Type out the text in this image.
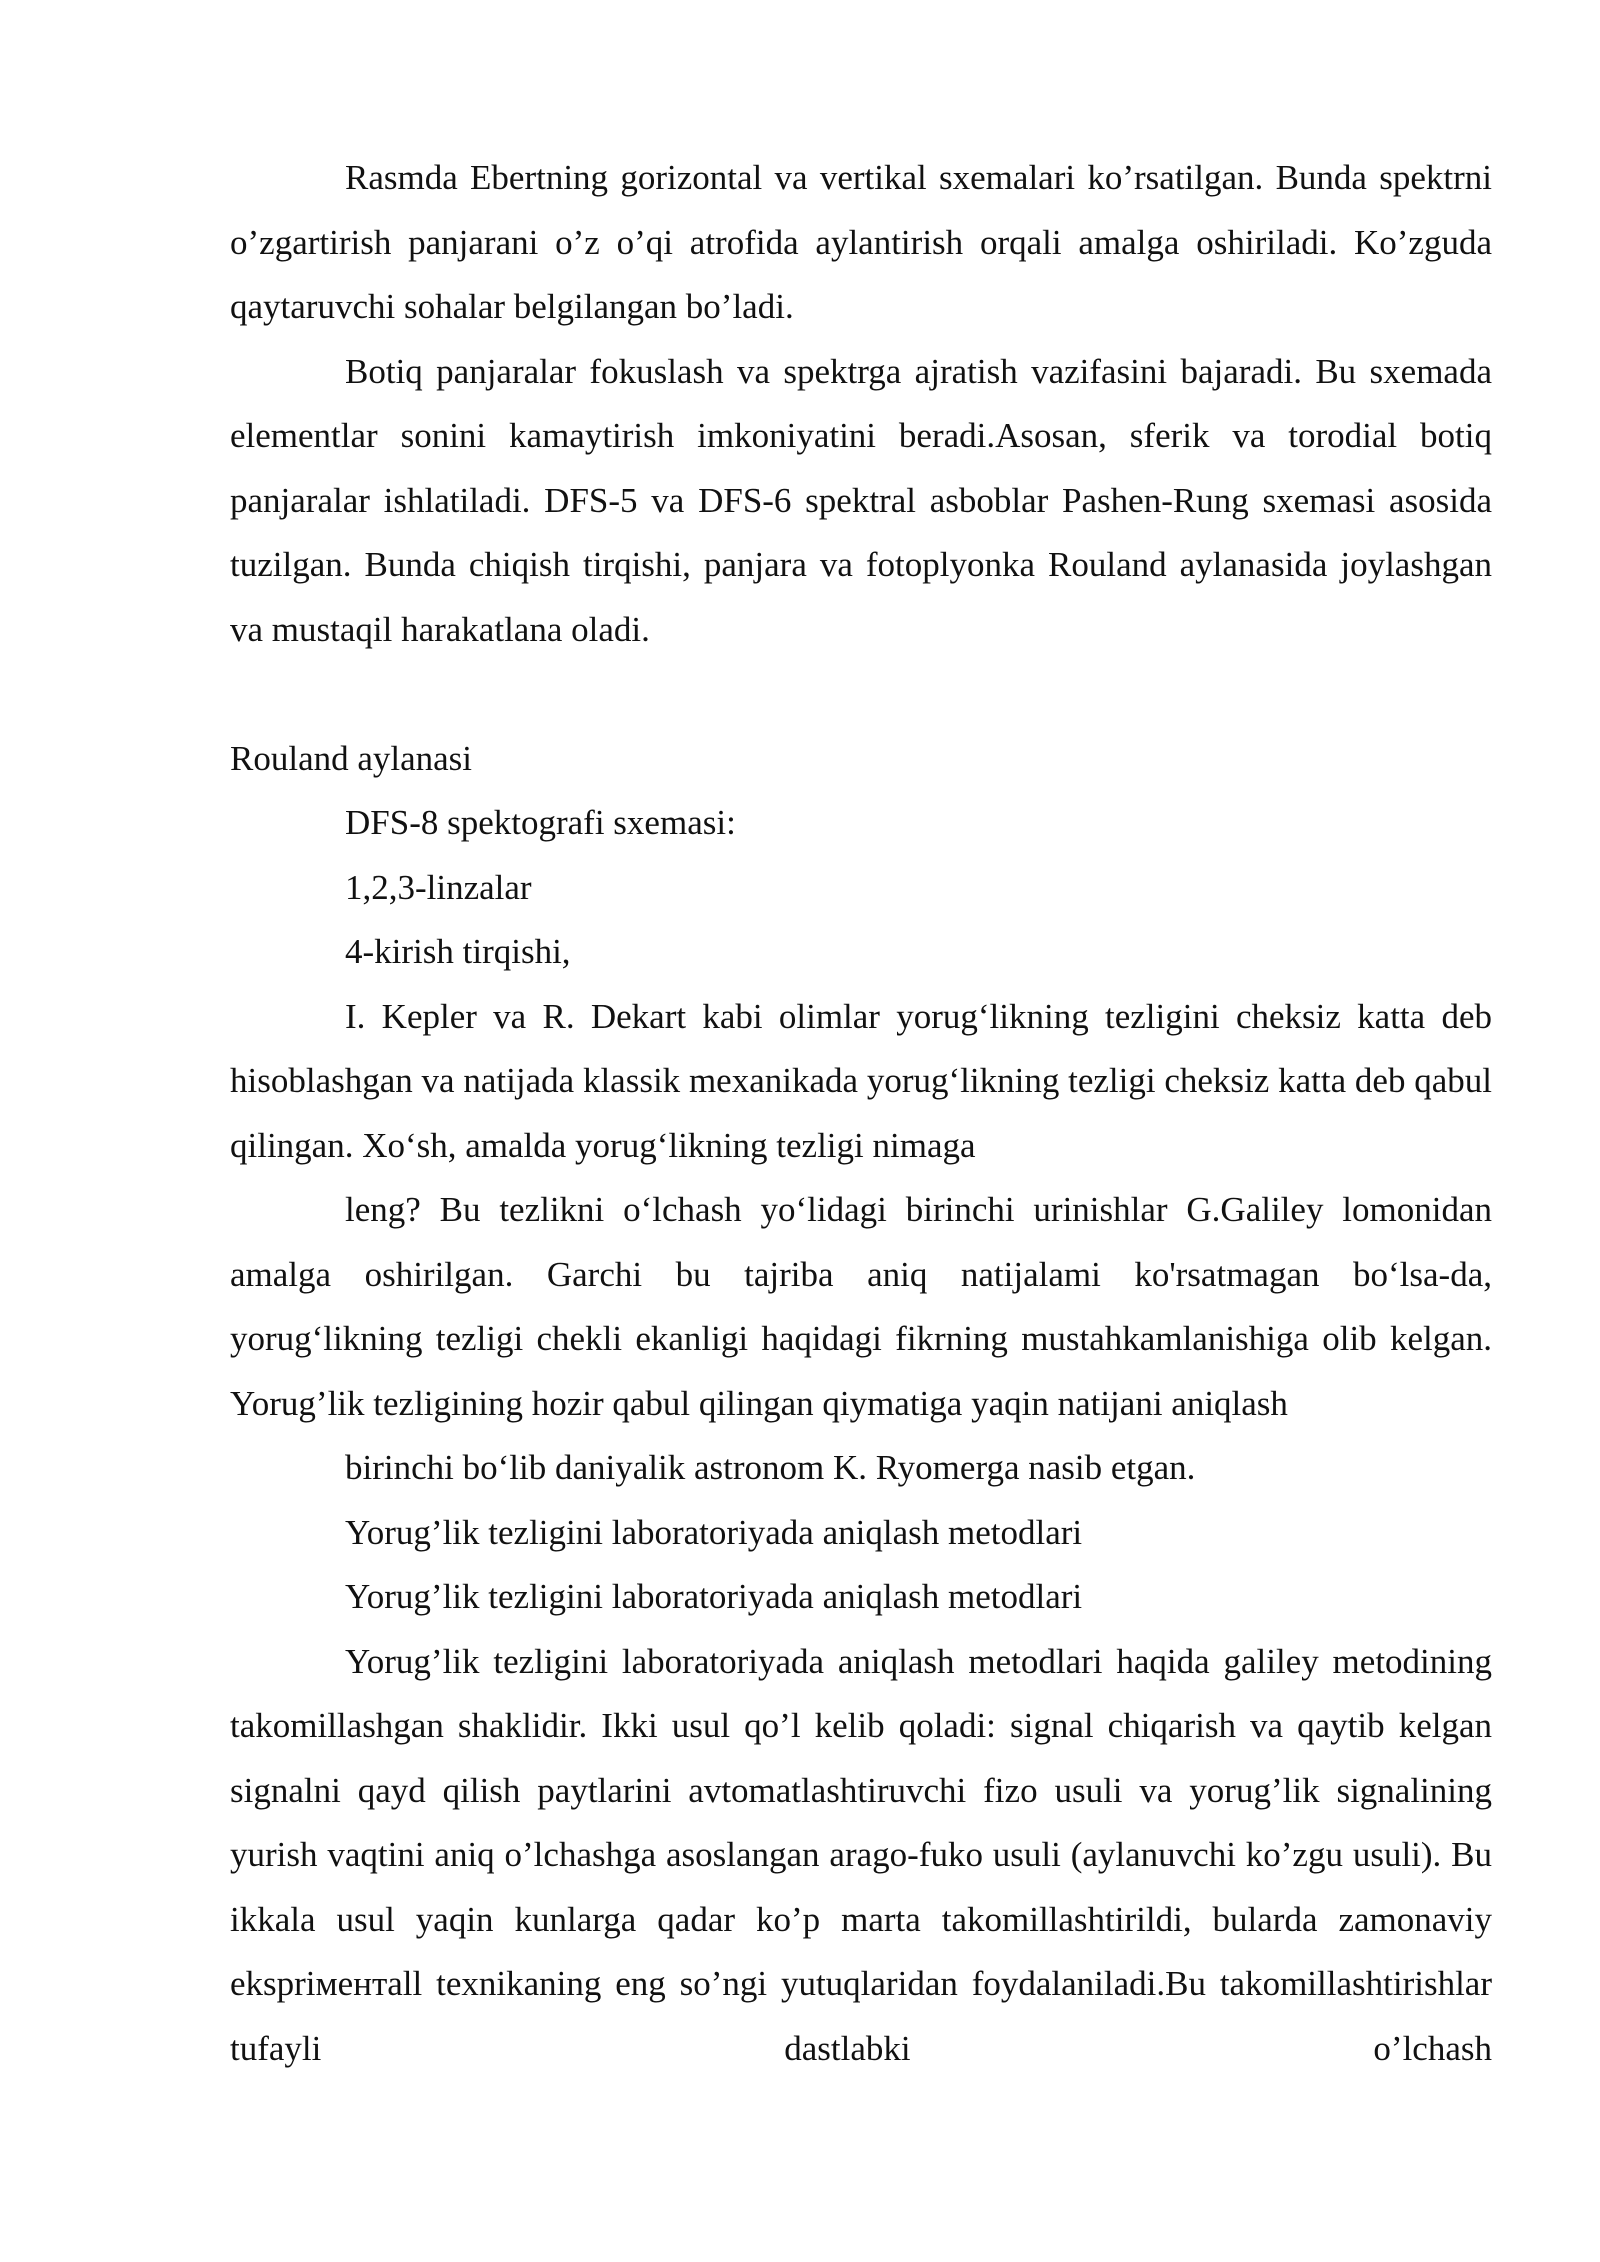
Rasmda Ebertning gorizontal va vertikal sxemalari ko’rsatilgan. Bunda spektrni o’zgartirish panjarani o’z o’qi atrofida aylantirish orqali amalga oshiriladi. Ko’zguda qaytaruvchi sohalar belgilangan bo’ladi.

Botiq panjaralar fokuslash va spektrga ajratish vazifasini bajaradi. Bu sxemada elementlar sonini kamaytirish imkoniyatini beradi.Asosan, sferik va torodial botiq panjaralar ishlatiladi. DFS-5 va DFS-6 spektral asboblar Pashen-Rung sxemasi asosida tuzilgan. Bunda chiqish tirqishi, panjara va fotoplyonka Rouland aylanasida joylashgan va mustaqil harakatlana oladi.

Rouland aylanasi

DFS-8 spektografi sxemasi:

1,2,3-linzalar

4-kirish tirqishi,

I. Kepler va R. Dekart kabi olimlar yorug‘likning tezligini cheksiz katta deb hisoblashgan va natijada klassik mexanikada yorug‘likning tezligi cheksiz katta deb qabul qilingan. Xo‘sh, amalda yorug‘likning tezligi nimaga

leng? Bu tezlikni o‘lchash yo‘lidagi birinchi urinishlar G.Galiley lomonidan amalga oshirilgan. Garchi bu tajriba aniq natijalami ko'rsatmagan bo‘lsa-da, yorug‘likning tezligi chekli ekanligi haqidagi fikrning mustahkamlanishiga olib kelgan. Yorug’lik tezligining hozir qabul qilingan qiymatiga yaqin natijani aniqlash

birinchi bo‘lib daniyalik astronom K. Ryomerga nasib etgan.

Yorug’lik tezligini laboratoriyada aniqlash metodlari

Yorug’lik tezligini laboratoriyada aniqlash metodlari

Yorug’lik tezligini laboratoriyada aniqlash metodlari haqida galiley metodining takomillashgan shaklidir. Ikki usul qo’l kelib qoladi: signal chiqarish va qaytib kelgan signalni qayd qilish paytlarini avtomatlashtiruvchi fizo usuli va yorug’lik signalining yurish vaqtini aniq o’lchashga asoslangan arago-fuko usuli (aylanuvchi ko’zgu usuli). Bu ikkala usul yaqin kunlarga qadar ko’p marta takomillashtirildi, bularda zamonaviy ekspriментall texnikaning eng so’ngi yutuqlaridan foydalaniladi.Bu takomillashtirishlar tufayli dastlabki o’lchash
